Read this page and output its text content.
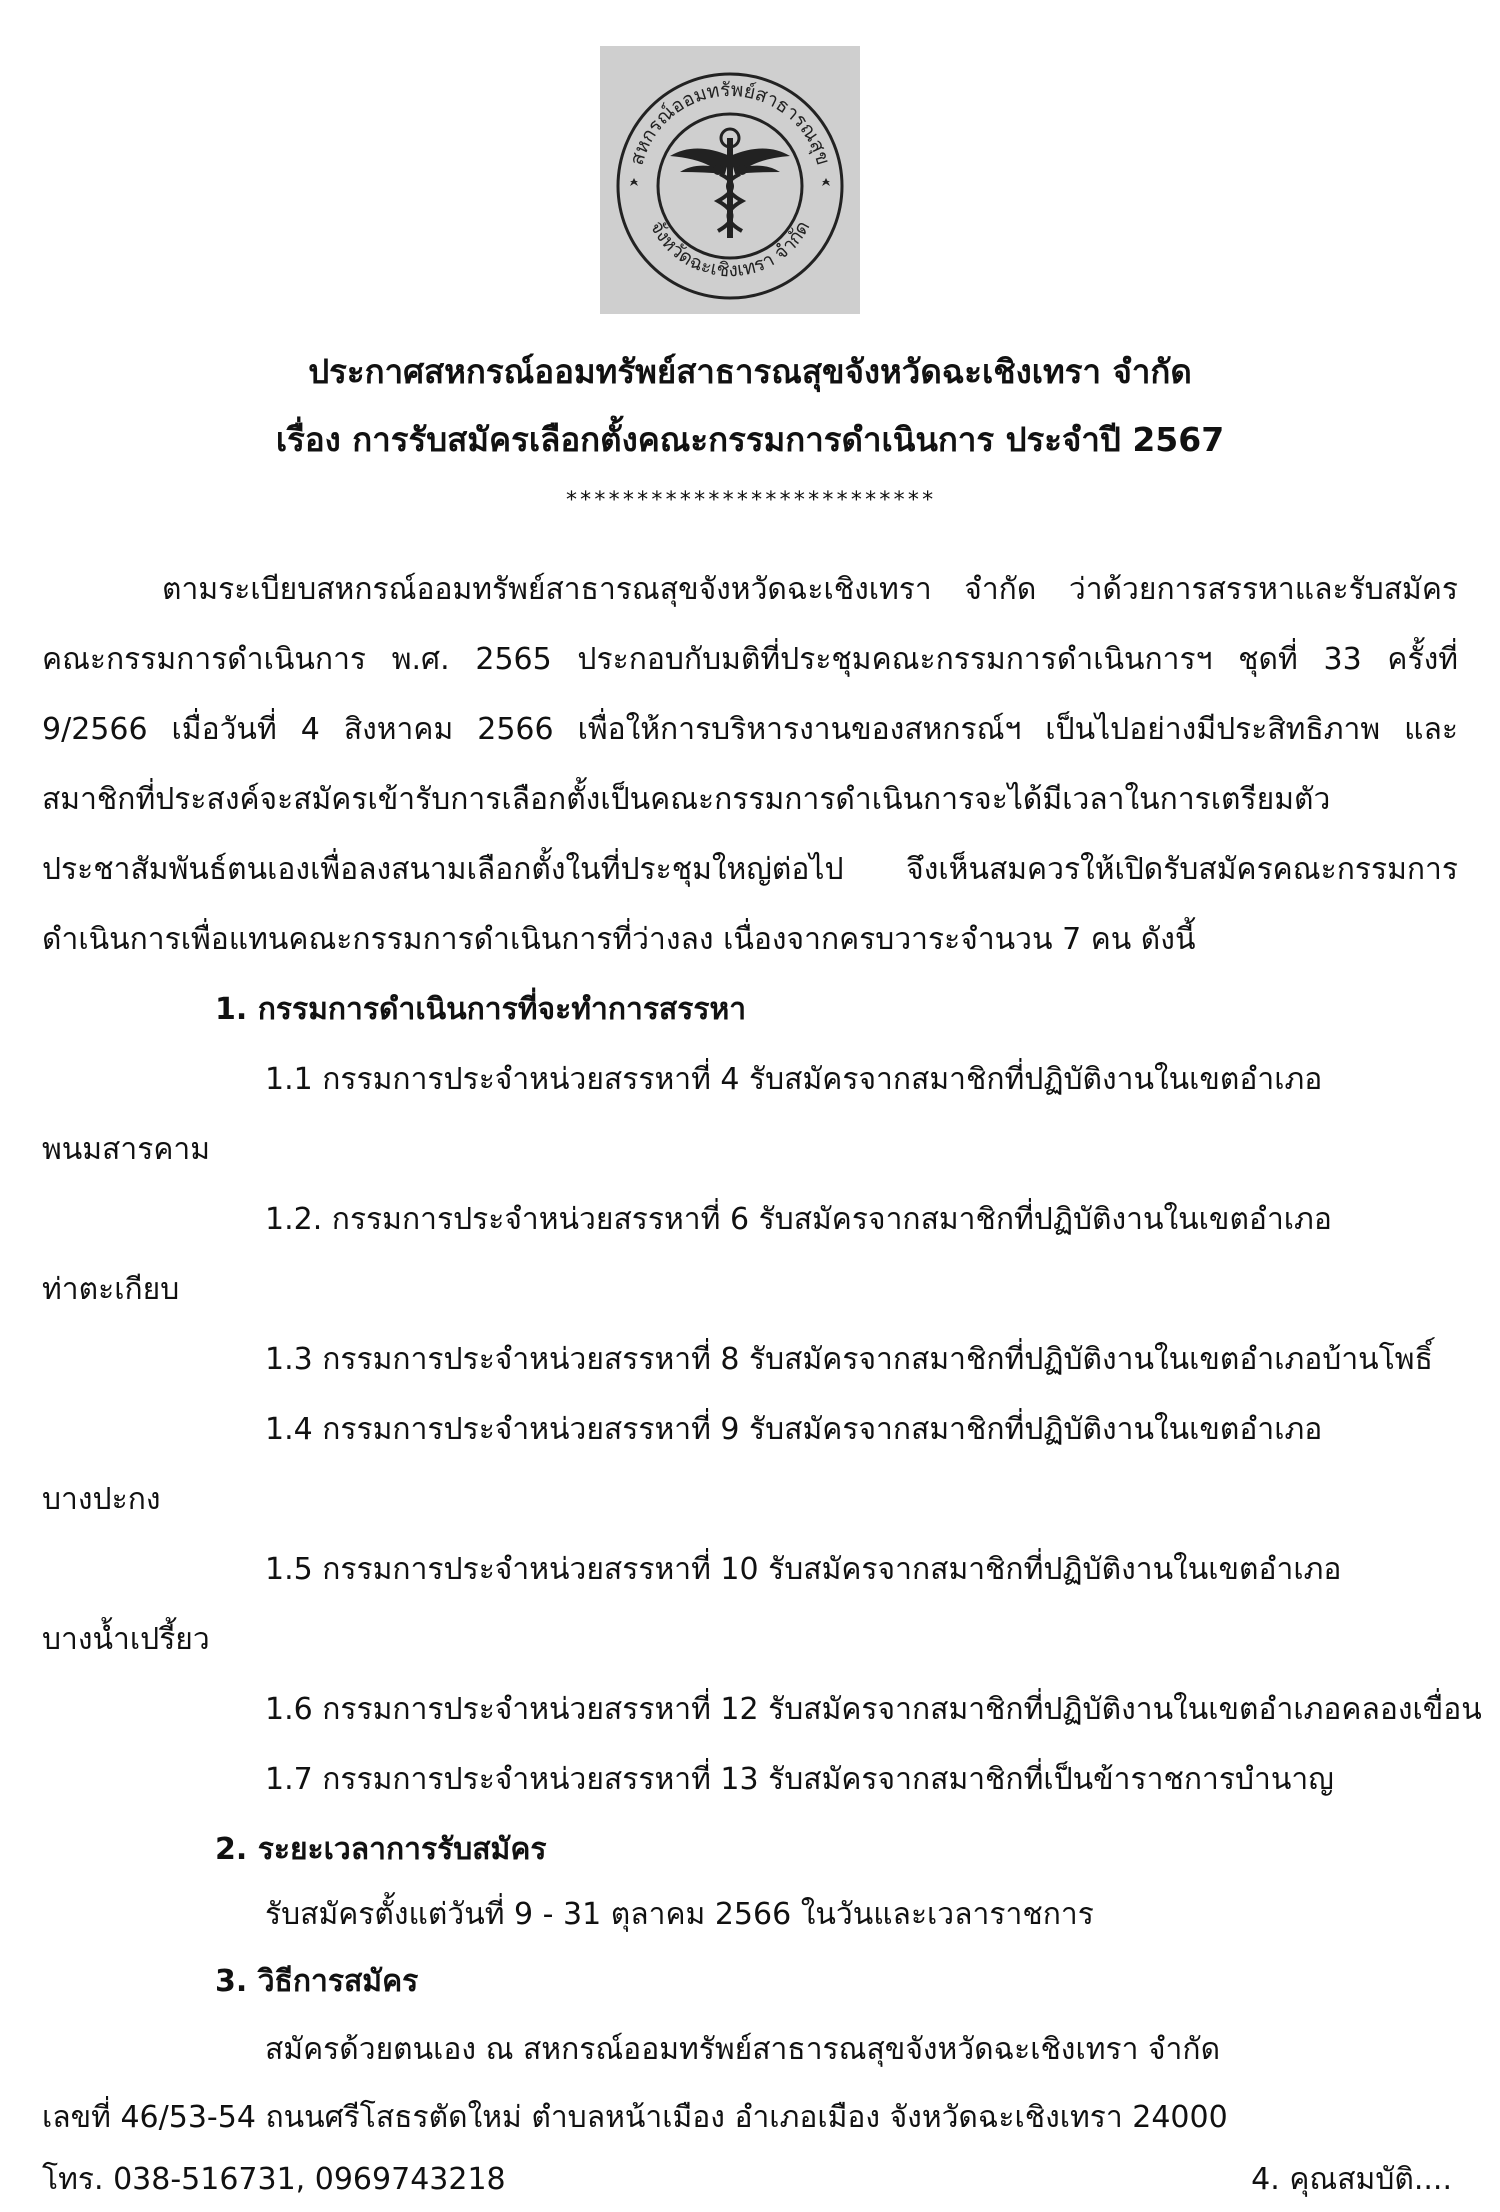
สหกรณ์ออมทรัพย์สาธารณสุข
จังหวัดฉะเชิงเทรา จำกัด
ประกาศสหกรณ์ออมทรัพย์สาธารณสุขจังหวัดฉะเชิงเทรา จำกัด
เรื่อง การรับสมัครเลือกตั้งคณะกรรมการดำเนินการ ประจำปี 2567
**************************
ตามระเบียบสหกรณ์ออมทรัพย์สาธารณสุขจังหวัดฉะเชิงเทรา จำกัด ว่าด้วยการสรรหาและรับสมัคร
คณะกรรมการดำเนินการ พ.ศ. 2565 ประกอบกับมติที่ประชุมคณะกรรมการดำเนินการฯ ชุดที่ 33 ครั้งที่
9/2566 เมื่อวันที่ 4 สิงหาคม 2566 เพื่อให้การบริหารงานของสหกรณ์ฯ เป็นไปอย่างมีประสิทธิภาพ และ
สมาชิกที่ประสงค์จะสมัครเข้ารับการเลือกตั้งเป็นคณะกรรมการดำเนินการจะได้มีเวลาในการเตรียมตัว
ประชาสัมพันธ์ตนเองเพื่อลงสนามเลือกตั้งในที่ประชุมใหญ่ต่อไป จึงเห็นสมควรให้เปิดรับสมัครคณะกรรมการ
ดำเนินการเพื่อแทนคณะกรรมการดำเนินการที่ว่างลง เนื่องจากครบวาระจำนวน 7 คน ดังนี้
1. กรรมการดำเนินการที่จะทำการสรรหา
1.1 กรรมการประจำหน่วยสรรหาที่ 4 รับสมัครจากสมาชิกที่ปฏิบัติงานในเขตอำเภอ
พนมสารคาม
1.2. กรรมการประจำหน่วยสรรหาที่ 6 รับสมัครจากสมาชิกที่ปฏิบัติงานในเขตอำเภอ
ท่าตะเกียบ
1.3 กรรมการประจำหน่วยสรรหาที่ 8 รับสมัครจากสมาชิกที่ปฏิบัติงานในเขตอำเภอบ้านโพธิ์
1.4 กรรมการประจำหน่วยสรรหาที่ 9 รับสมัครจากสมาชิกที่ปฏิบัติงานในเขตอำเภอ
บางปะกง
1.5 กรรมการประจำหน่วยสรรหาที่ 10 รับสมัครจากสมาชิกที่ปฏิบัติงานในเขตอำเภอ
บางน้ำเปรี้ยว
1.6 กรรมการประจำหน่วยสรรหาที่ 12 รับสมัครจากสมาชิกที่ปฏิบัติงานในเขตอำเภอคลองเขื่อน
1.7 กรรมการประจำหน่วยสรรหาที่ 13 รับสมัครจากสมาชิกที่เป็นข้าราชการบำนาญ
2. ระยะเวลาการรับสมัคร
รับสมัครตั้งแต่วันที่ 9 - 31 ตุลาคม 2566 ในวันและเวลาราชการ
3. วิธีการสมัคร
สมัครด้วยตนเอง ณ สหกรณ์ออมทรัพย์สาธารณสุขจังหวัดฉะเชิงเทรา จำกัด
เลขที่ 46/53-54 ถนนศรีโสธรตัดใหม่ ตำบลหน้าเมือง อำเภอเมือง จังหวัดฉะเชิงเทรา 24000
โทร. 038-516731, 0969743218	4. คุณสมบัติ....
